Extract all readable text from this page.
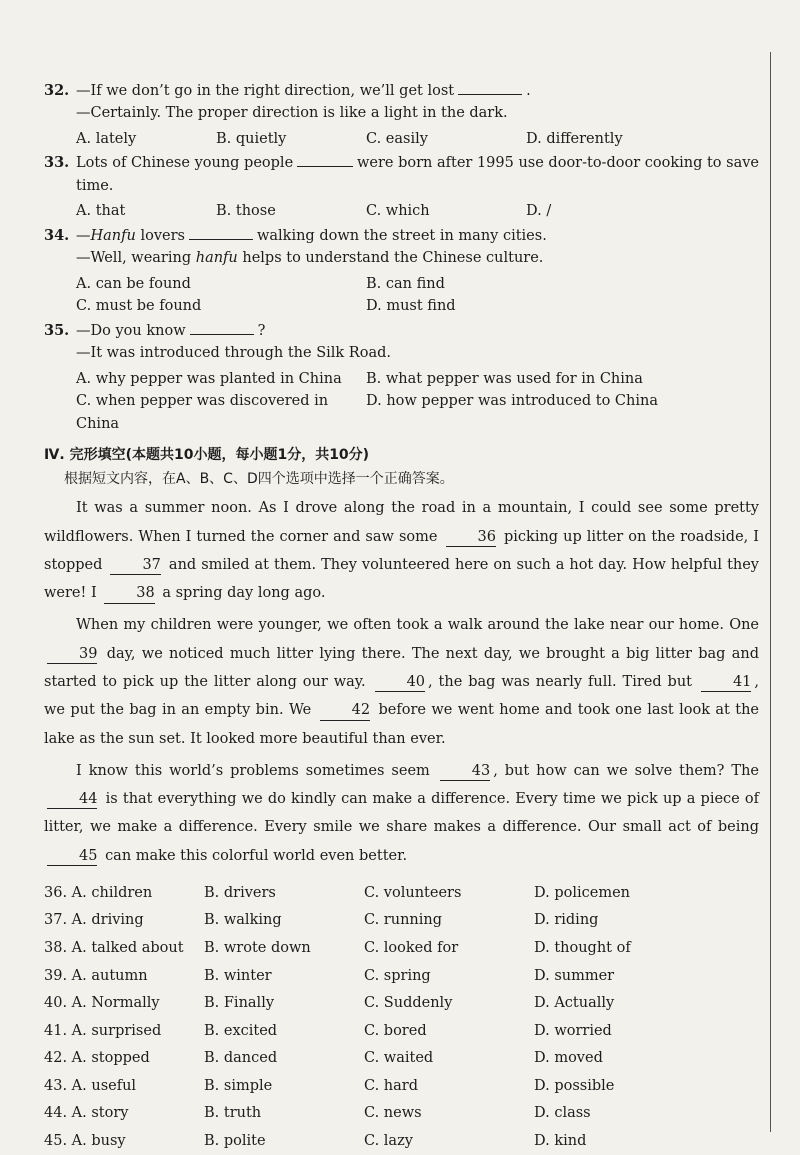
32. —If we don’t go in the right direction, we’ll get lost	.
—Certainly. The proper direction is like a light in the dark.
A. lately	B. quietly	C. easily	D. differently
33. Lots of Chinese young people	were born after 1995 use door-to-door cooking to save
time.
A. that	B. those	C. which	D. /
34. —Hanfu lovers	walking down the street in many cities.
—Well, wearing hanfu helps to understand the Chinese culture.
A. can be found	B. can find
C. must be found	D. must find
35. —Do you know	?
—It was introduced through the Silk Road.
A. why pepper was planted in China	B. what pepper was used for in China
C. when pepper was discovered in China
D. how pepper was introduced to China
Ⅳ. 完形填空(本题共10小题，每小题1分，共10分)
根据短文内容，在A、B、C、D四个选项中选择一个正确答案。
It was a summer noon. As I drove along the road in a mountain, I could see some pretty wildflowers. When I turned the corner and saw some	36 picking up litter on the roadside, I stopped	37 and smiled at them. They volunteered here on such a hot day. How helpful they were! I	38 a spring day long ago.
When my children were younger, we often took a walk around the lake near our home. One 39 day, we noticed much litter lying there. The next day, we brought a big litter bag and started to pick up the litter along our way.	40 , the bag was nearly full. Tired but	41 , we put the bag in an empty bin. We	42 before we went home and took one last look at the lake as the sun set. It looked more beautiful than ever.
I know this world’s problems sometimes seem	43 , but how can we solve them? The 44 is that everything we do kindly can make a difference. Every time we pick up a piece of litter, we make a difference. Every smile we share makes a difference. Our small act of being 45 can make this colorful world even better.
36. A. children	B. drivers	C. volunteers	D. policemen
37. A. driving	B. walking	C. running	D. riding
38. A. talked about	B. wrote down	C. looked for	D. thought of
39. A. autumn	B. winter	C. spring	D. summer
40. A. Normally	B. Finally	C. Suddenly	D. Actually
41. A. surprised	B. excited	C. bored	D. worried
42. A. stopped	B. danced	C. waited	D. moved
43. A. useful	B. simple	C. hard	D. possible
44. A. story	B. truth	C. news	D. class
45. A. busy	B. polite	C. lazy	D. kind
